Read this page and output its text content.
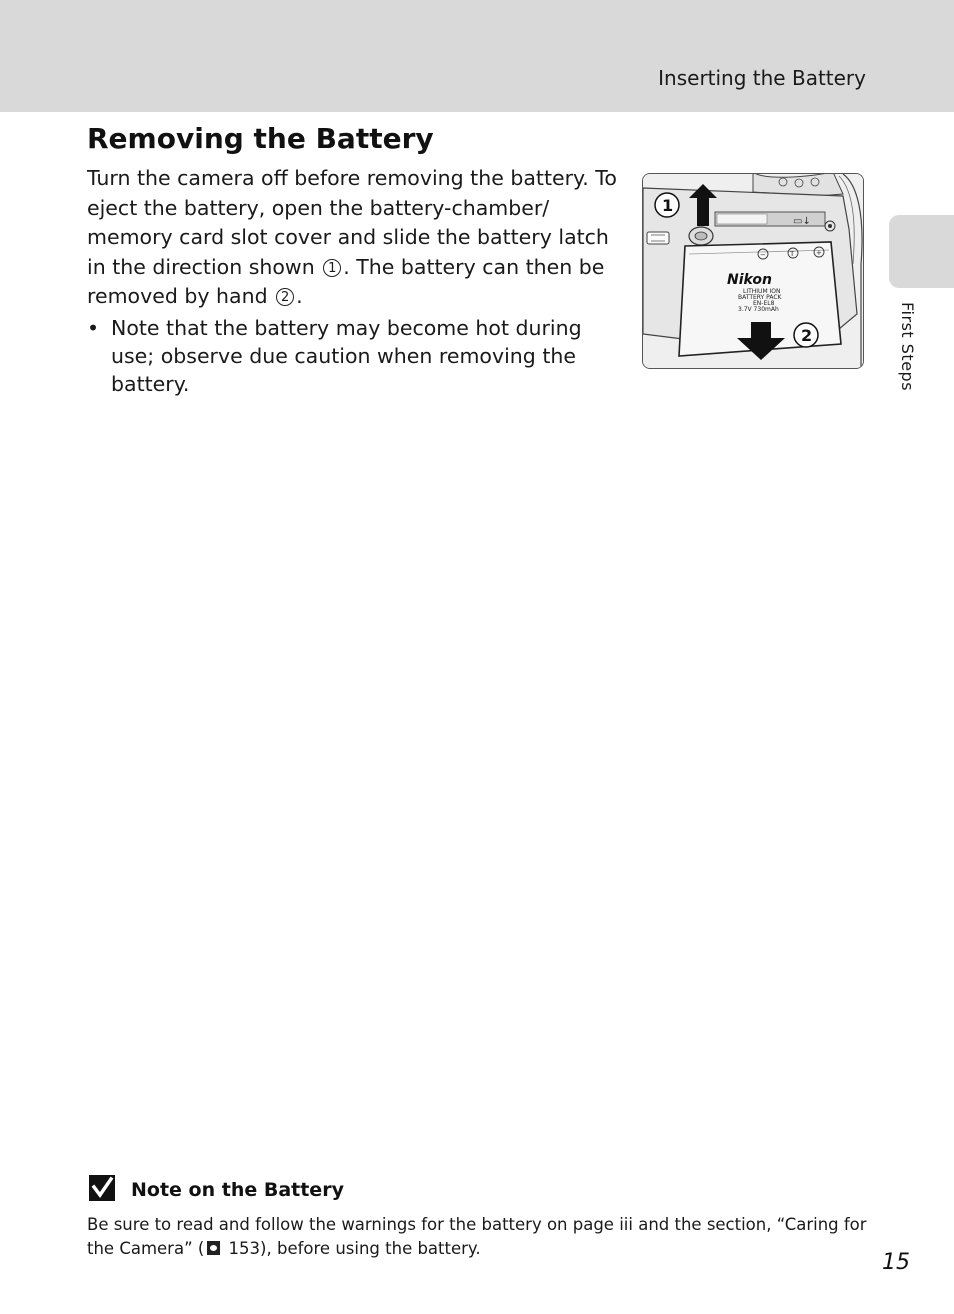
Inserting the Battery
First Steps
Removing the Battery

Turn the camera off before removing the battery. To eject the battery, open the battery-chamber/ memory card slot cover and slide the battery latch in the direction shown 1 . The battery can then be removed by hand 2 .

• Note that the battery may become hot during use; observe due caution when removing the battery.
▭↓
−	T	+
Nikon
LITHIUM ION
BATTERY PACK
EN-EL8
3.7V 730mAh
1
2
Note on the Battery

Be sure to read and follow the warnings for the battery on page iii and the section, “Caring for the Camera” ( 153), before using the battery.

15
